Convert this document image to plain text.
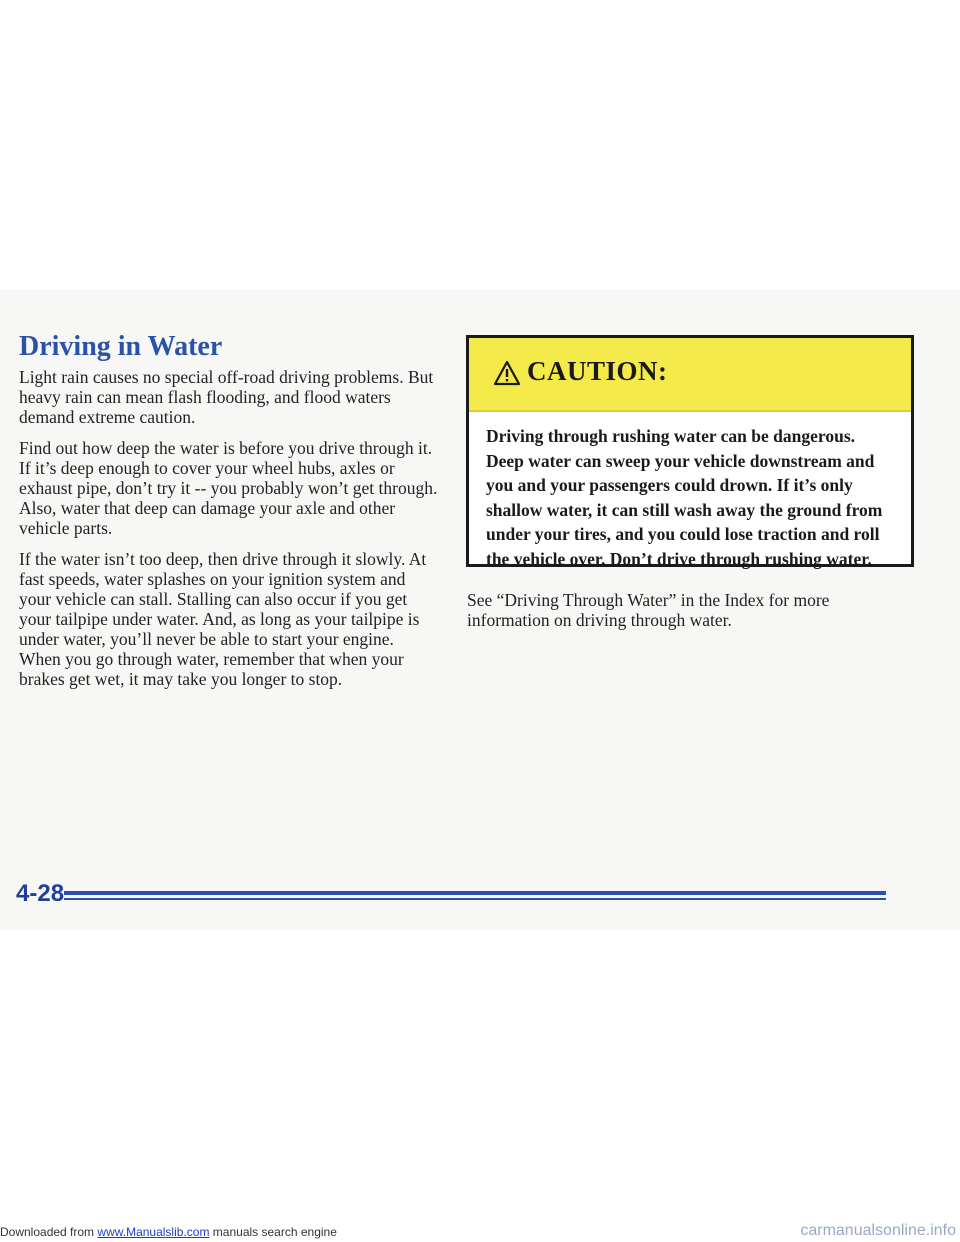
Driving in Water

Light rain causes no special off-road driving problems. But heavy rain can mean flash flooding, and flood waters demand extreme caution.

Find out how deep the water is before you drive through it. If it’s deep enough to cover your wheel hubs, axles or exhaust pipe, don’t try it -- you probably won’t get through. Also, water that deep can damage your axle and other vehicle parts.

If the water isn’t too deep, then drive through it slowly. At fast speeds, water splashes on your ignition system and your vehicle can stall. Stalling can also occur if you get your tailpipe under water. And, as long as your tailpipe is under water, you’ll never be able to start your engine. When you go through water, remember that when your brakes get wet, it may take you longer to stop.

CAUTION:
Driving through rushing water can be dangerous. Deep water can sweep your vehicle downstream and you and your passengers could drown. If it’s only shallow water, it can still wash away the ground from under your tires, and you could lose traction and roll the vehicle over. Don’t drive through rushing water.

See “Driving Through Water” in the Index for more information on driving through water.

4-28
Downloaded from www.Manualslib.com manuals search engine	carmanualsonline.info
